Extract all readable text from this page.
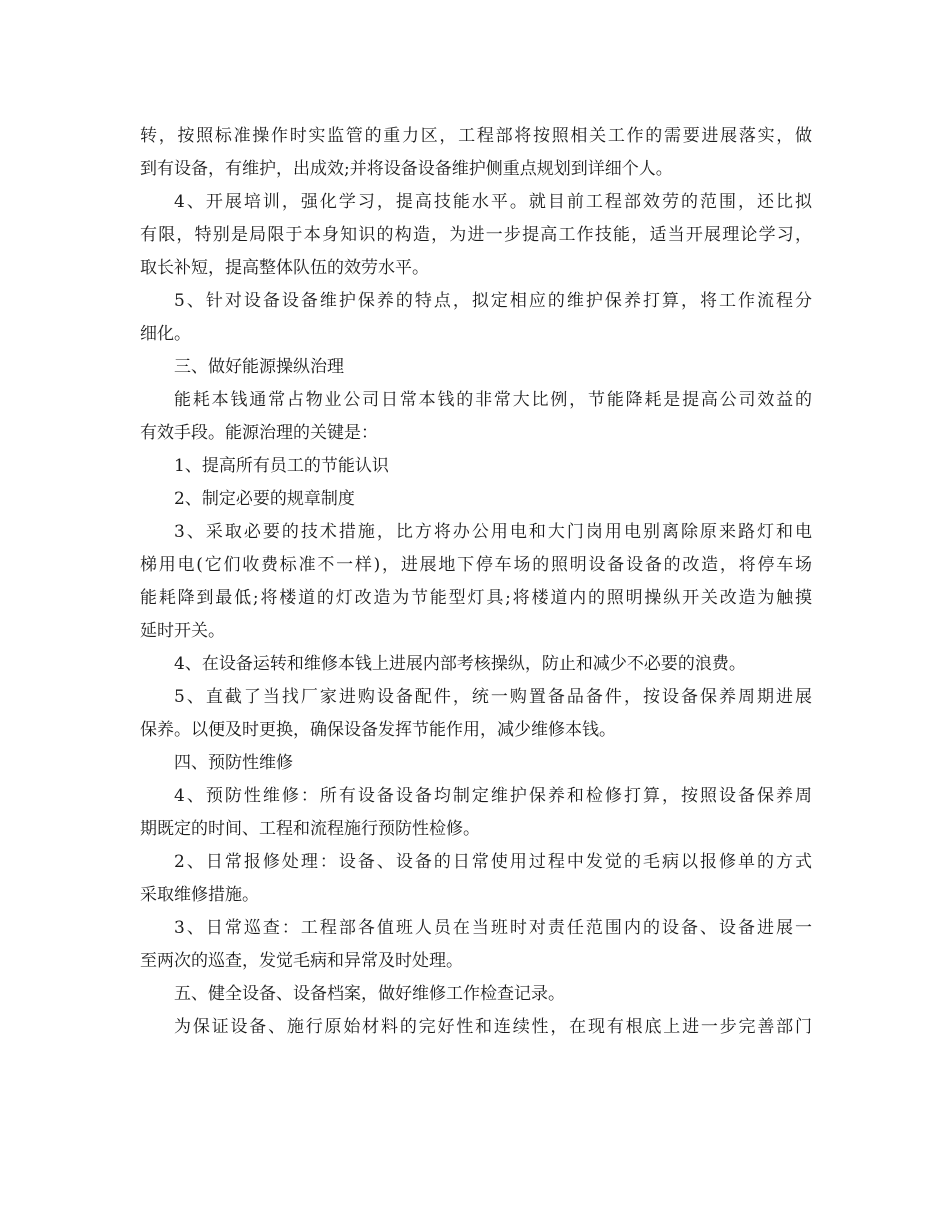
转，按照标准操作时实监管的重力区，工程部将按照相关工作的需要进展落实，做
到有设备，有维护，出成效;并将设备设备维护侧重点规划到详细个人。
4、开展培训，强化学习，提高技能水平。就目前工程部效劳的范围，还比拟
有限，特别是局限于本身知识的构造，为进一步提高工作技能，适当开展理论学习，
取长补短，提高整体队伍的效劳水平。
5、针对设备设备维护保养的特点，拟定相应的维护保养打算，将工作流程分
细化。
三、做好能源操纵治理
能耗本钱通常占物业公司日常本钱的非常大比例，节能降耗是提高公司效益的
有效手段。能源治理的关键是：
1、提高所有员工的节能认识
2、制定必要的规章制度
3、采取必要的技术措施，比方将办公用电和大门岗用电别离除原来路灯和电
梯用电(它们收费标准不一样)，进展地下停车场的照明设备设备的改造，将停车场
能耗降到最低;将楼道的灯改造为节能型灯具;将楼道内的照明操纵开关改造为触摸
延时开关。
4、在设备运转和维修本钱上进展内部考核操纵，防止和减少不必要的浪费。
5、直截了当找厂家进购设备配件，统一购置备品备件，按设备保养周期进展
保养。以便及时更换，确保设备发挥节能作用，减少维修本钱。
四、预防性维修
4、预防性维修：所有设备设备均制定维护保养和检修打算，按照设备保养周
期既定的时间、工程和流程施行预防性检修。
2、日常报修处理：设备、设备的日常使用过程中发觉的毛病以报修单的方式
采取维修措施。
3、日常巡查：工程部各值班人员在当班时对责任范围内的设备、设备进展一
至两次的巡查，发觉毛病和异常及时处理。
五、健全设备、设备档案，做好维修工作检查记录。
为保证设备、施行原始材料的完好性和连续性，在现有根底上进一步完善部门
